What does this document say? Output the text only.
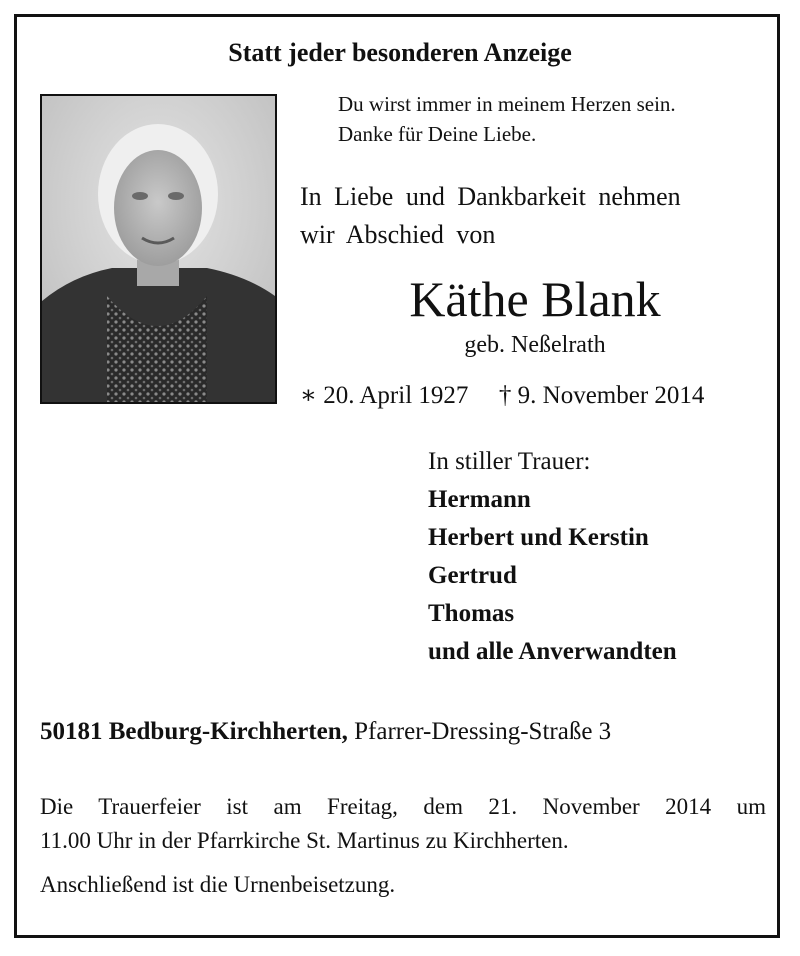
Statt jeder besonderen Anzeige
Du wirst immer in meinem Herzen sein.
Danke für Deine Liebe.
In Liebe und Dankbarkeit nehmen
wir Abschied von
Käthe Blank
geb. Neßelrath
∗ 20. April 1927 † 9. November 2014
In stiller Trauer:
Hermann
Herbert und Kerstin
Gertrud
Thomas
und alle Anverwandten
50181 Bedburg-Kirchherten, Pfarrer-Dressing-Straße 3
Die Trauerfeier ist am Freitag, dem 21. November 2014 um
11.00 Uhr in der Pfarrkirche St. Martinus zu Kirchherten.
Anschließend ist die Urnenbeisetzung.
